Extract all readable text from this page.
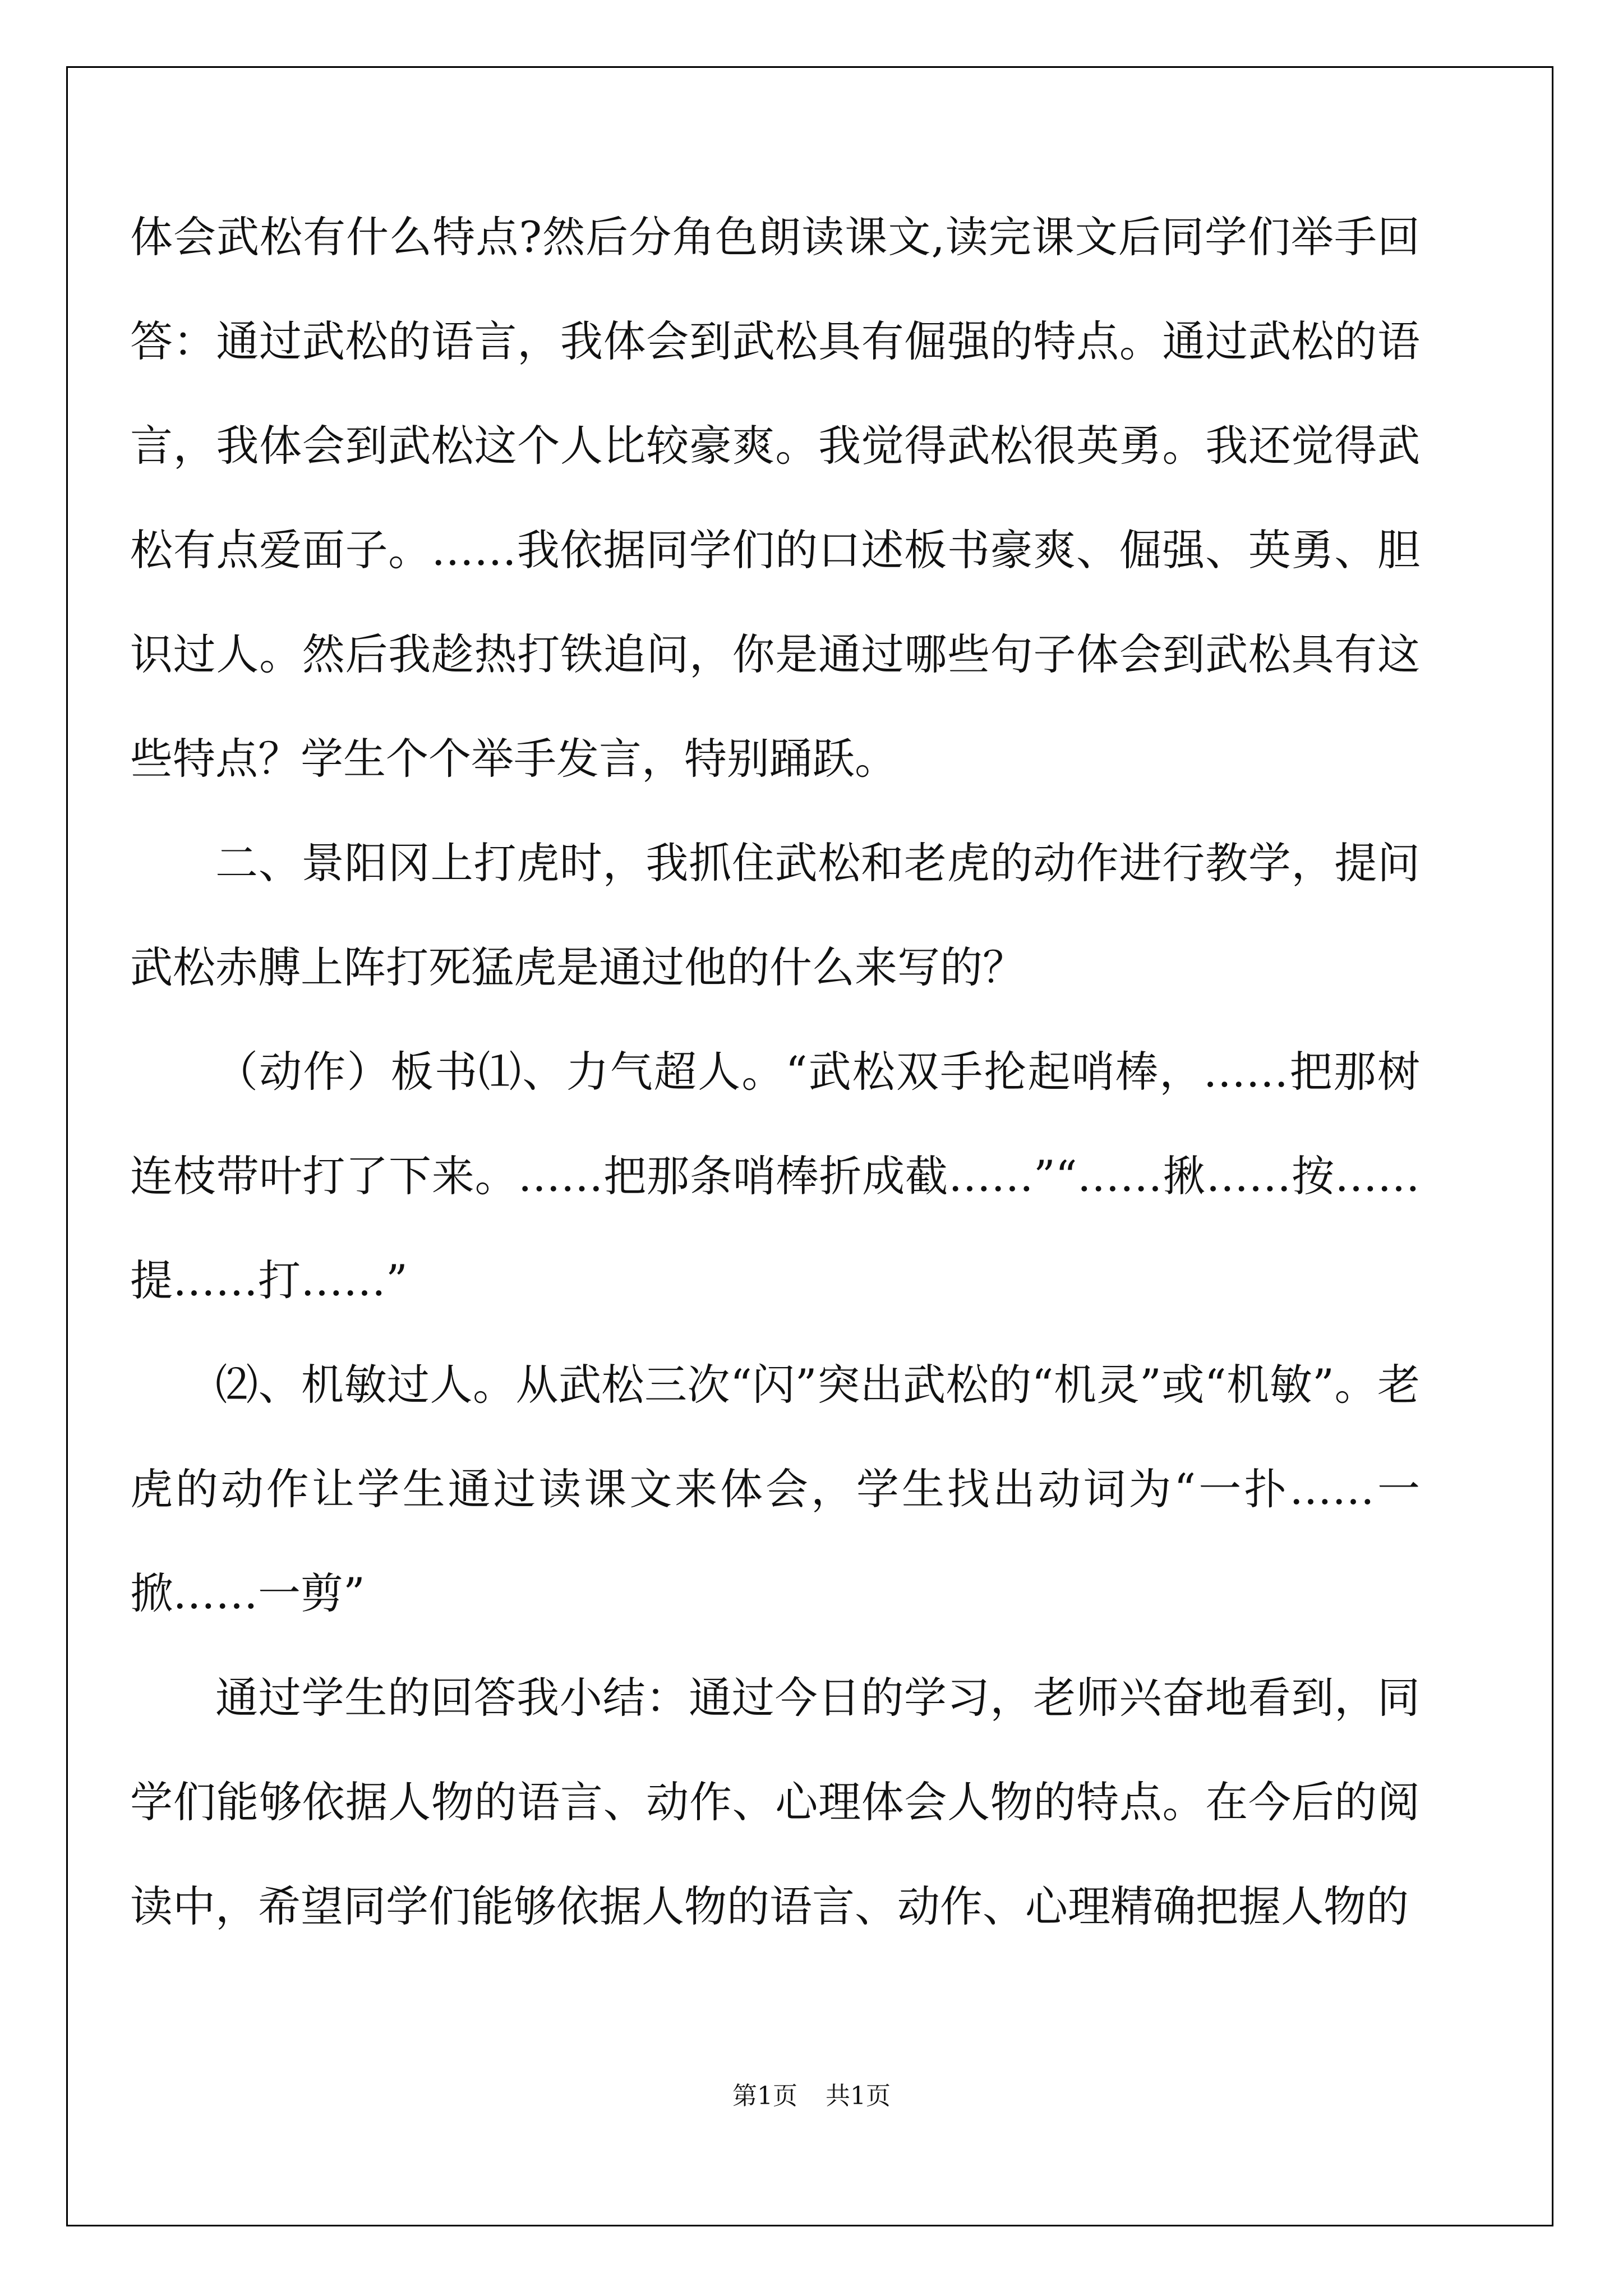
体会武松有什么特点?然后分角色朗读课文,读完课文后同学们举手回答：通过武松的语言，我体会到武松具有倔强的特点。通过武松的语言，我体会到武松这个人比较豪爽。我觉得武松很英勇。我还觉得武松有点爱面子。……我依据同学们的口述板书豪爽、倔强、英勇、胆识过人。然后我趁热打铁追问，你是通过哪些句子体会到武松具有这些特点？学生个个举手发言，特别踊跃。

二、景阳冈上打虎时，我抓住武松和老虎的动作进行教学，提问武松赤膊上阵打死猛虎是通过他的什么来写的？

（动作）板书⑴、力气超人。“武松双手抡起哨棒，……把那树连枝带叶打了下来。……把那条哨棒折成截……”“……揪……按……提……打……”

⑵、机敏过人。从武松三次“闪”突出武松的“机灵”或“机敏”。老虎的动作让学生通过读课文来体会，学生找出动词为“一扑……一掀……一剪”

通过学生的回答我小结：通过今日的学习，老师兴奋地看到，同学们能够依据人物的语言、动作、心理体会人物的特点。在今后的阅读中，希望同学们能够依据人物的语言、动作、心理精确把握人物的

第1页 共1页
